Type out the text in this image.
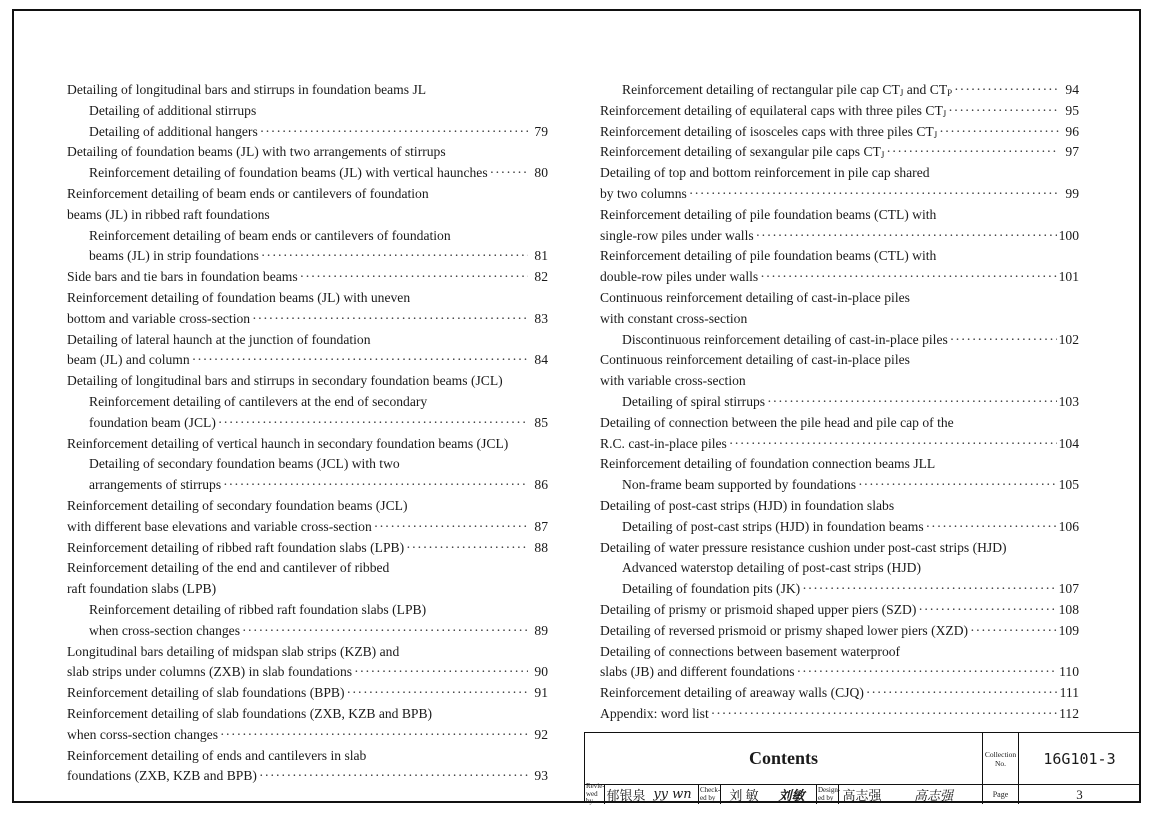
Detailing of longitudinal bars and stirrups in foundation beams JL
Detailing of additional stirrups
Detailing of additional hangers ·····	79
Detailing of foundation beams (JL) with two arrangements of stirrups
Reinforcement detailing of foundation beams (JL) with vertical haunches ·····	80
Reinforcement detailing of beam ends or cantilevers of foundation
beams (JL) in ribbed raft foundations
Reinforcement detailing of beam ends or cantilevers of foundation
beams (JL) in strip foundations ·····	81
Side bars and tie bars in foundation beams ·····	82
Reinforcement detailing of foundation beams (JL) with uneven
bottom and variable cross-section ·····	83
Detailing of lateral haunch at the junction of foundation
beam (JL) and column ·····	84
Detailing of longitudinal bars and stirrups in secondary foundation beams (JCL)
Reinforcement detailing of cantilevers at the end of secondary
foundation beam (JCL) ·····	85
Reinforcement detailing of vertical haunch in secondary foundation beams (JCL)
Detailing of secondary foundation beams (JCL) with two
arrangements of stirrups ·····	86
Reinforcement detailing of secondary foundation beams (JCL)
with different base elevations and variable cross-section ·····	87
Reinforcement detailing of ribbed raft foundation slabs (LPB) ·····	88
Reinforcement detailing of the end and cantilever of ribbed
raft foundation slabs (LPB)
Reinforcement detailing of ribbed raft foundation slabs (LPB)
when cross-section changes ·····	89
Longitudinal bars detailing of midspan slab strips (KZB) and
slab strips under columns (ZXB) in slab foundations ·····	90
Reinforcement detailing of slab foundations (BPB) ·····	91
Reinforcement detailing of slab foundations (ZXB, KZB and BPB)
when corss-section changes ·····	92
Reinforcement detailing of ends and cantilevers in slab
foundations (ZXB, KZB and BPB) ·····	93
Reinforcement detailing of rectangular pile cap $CT_J$ and $CT_P$ ·····	94
Reinforcement detailing of equilateral caps with three piles $CT_J$ ·····	95
Reinforcement detailing of isosceles caps with three piles $CT_J$ ·····	96
Reinforcement detailing of sexangular pile caps $CT_J$ ·····	97
Detailing of top and bottom reinforcement in pile cap shared
by two columns ·····	99
Reinforcement detailing of pile foundation beams (CTL) with
single-row piles under walls ·····	100
Reinforcement detailing of pile foundation beams (CTL) with
double-row piles under walls ·····	101
Continuous reinforcement detailing of cast-in-place piles
with constant cross-section
Discontinuous reinforcement detailing of cast-in-place piles ·····	102
Continuous reinforcement detailing of cast-in-place piles
with variable cross-section
Detailing of spiral stirrups ·····	103
Detailing of connection between the pile head and pile cap of the
R.C. cast-in-place piles ·····	104
Reinforcement detailing of foundation connection beams JLL
Non-frame beam supported by foundations ·····	105
Detailing of post-cast strips (HJD) in foundation slabs
Detailing of post-cast strips (HJD) in foundation beams ·····	106
Detailing of water pressure resistance cushion under post-cast strips (HJD)
Advanced waterstop detailing of post-cast strips (HJD)
Detailing of foundation pits (JK) ·····	107
Detailing of prismy or prismoid shaped upper piers (SZD) ·····	108
Detailing of reversed prismoid or prismy shaped lower piers (XZD) ·····	109
Detailing of connections between basement waterproof
slabs (JB) and different foundations ·····	110
Reinforcement detailing of areaway walls (CJQ) ·····	111
Appendix: word list ·····	112
Contents	Collection No.	16G101-3
Revie-wed by	郁银泉 yy wn	Check-ed by	刘 敏	刘敏	Design-ed by 高志强	高志强	Page	3
